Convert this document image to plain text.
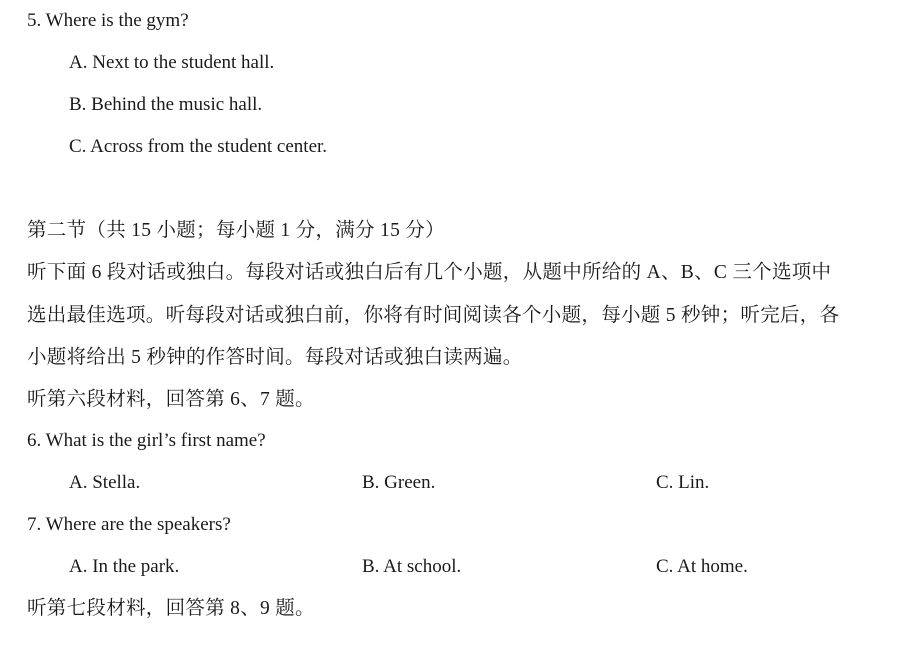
5. Where is the gym?
A. Next to the student hall.
B. Behind the music hall.
C. Across from the student center.
第二节（共 15 小题；每小题 1 分，满分 15 分）
听下面 6 段对话或独白。每段对话或独白后有几个小题，从题中所给的 A、B、C 三个选项中
选出最佳选项。听每段对话或独白前，你将有时间阅读各个小题，每小题 5 秒钟；听完后，各
小题将给出 5 秒钟的作答时间。每段对话或独白读两遍。
听第六段材料，回答第 6、7 题。
6. What is the girl’s first name?
A. Stella.	B. Green.	C. Lin.
7. Where are the speakers?
A. In the park.	B. At school.	C. At home.
听第七段材料，回答第 8、9 题。
